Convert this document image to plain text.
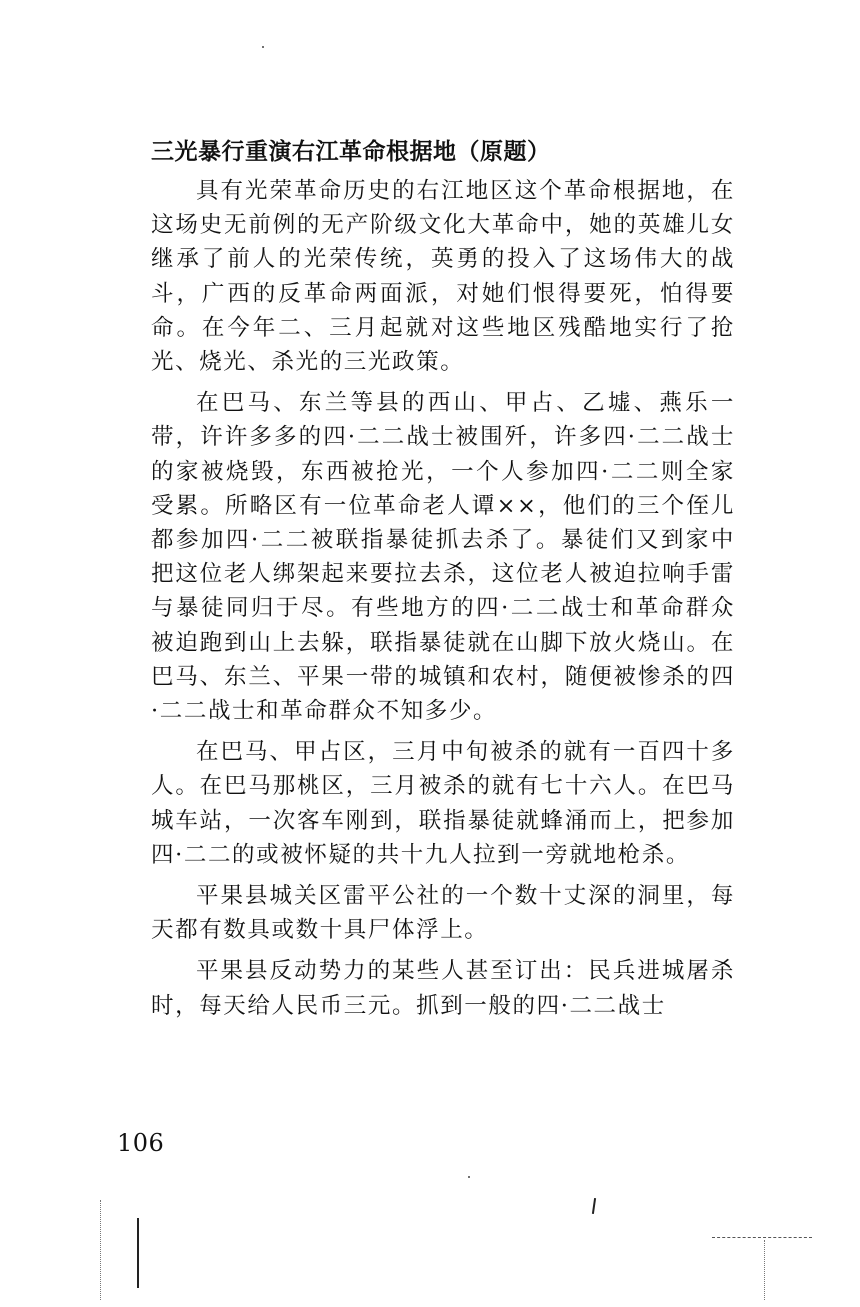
三光暴行重演右江革命根据地（原题）

具有光荣革命历史的右江地区这个革命根据地，在这场史无前例的无产阶级文化大革命中，她的英雄儿女继承了前人的光荣传统，英勇的投入了这场伟大的战斗，广西的反革命两面派，对她们恨得要死，怕得要命。在今年二、三月起就对这些地区残酷地实行了抢光、烧光、杀光的三光政策。

在巴马、东兰等县的西山、甲占、乙墟、燕乐一带，许许多多的四·二二战士被围歼，许多四·二二战士的家被烧毁，东西被抢光，一个人参加四·二二则全家受累。所略区有一位革命老人谭××，他们的三个侄儿都参加四·二二被联指暴徒抓去杀了。暴徒们又到家中把这位老人绑架起来要拉去杀，这位老人被迫拉响手雷与暴徒同归于尽。有些地方的四·二二战士和革命群众被迫跑到山上去躲，联指暴徒就在山脚下放火烧山。在巴马、东兰、平果一带的城镇和农村，随便被惨杀的四·二二战士和革命群众不知多少。

在巴马、甲占区，三月中旬被杀的就有一百四十多人。在巴马那桃区，三月被杀的就有七十六人。在巴马城车站，一次客车刚到，联指暴徒就蜂涌而上，把参加四·二二的或被怀疑的共十九人拉到一旁就地枪杀。

平果县城关区雷平公社的一个数十丈深的洞里，每天都有数具或数十具尸体浮上。

平果县反动势力的某些人甚至订出：民兵进城屠杀时，每天给人民币三元。抓到一般的四·二二战士

106
